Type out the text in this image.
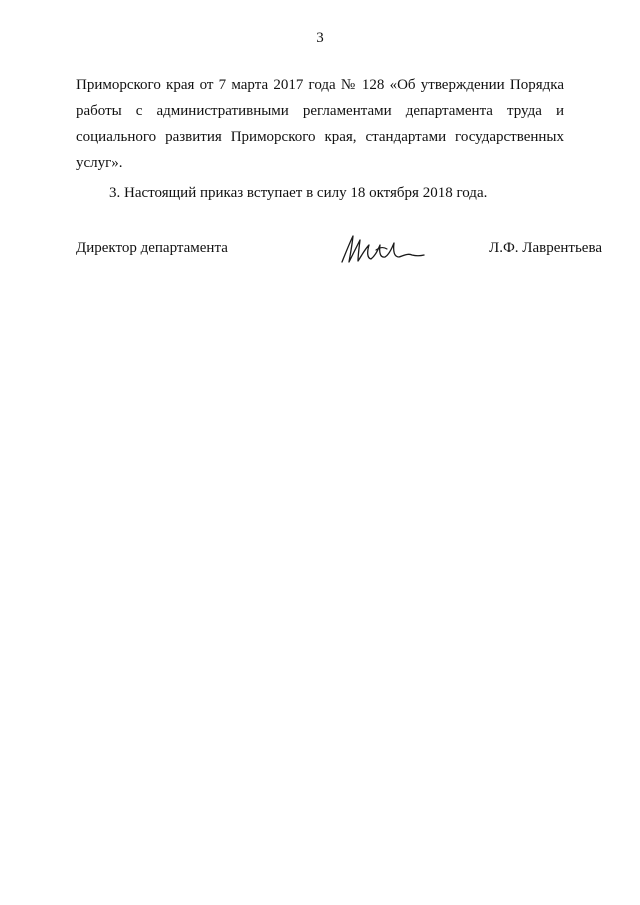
3

Приморского края от 7 марта 2017 года № 128 «Об утверждении Порядка работы с административными регламентами департамента труда и социального развития Приморского края, стандартами государственных услуг».

3. Настоящий приказ вступает в силу 18 октября 2018 года.

Директор департамента	Л.Ф. Лаврентьева
